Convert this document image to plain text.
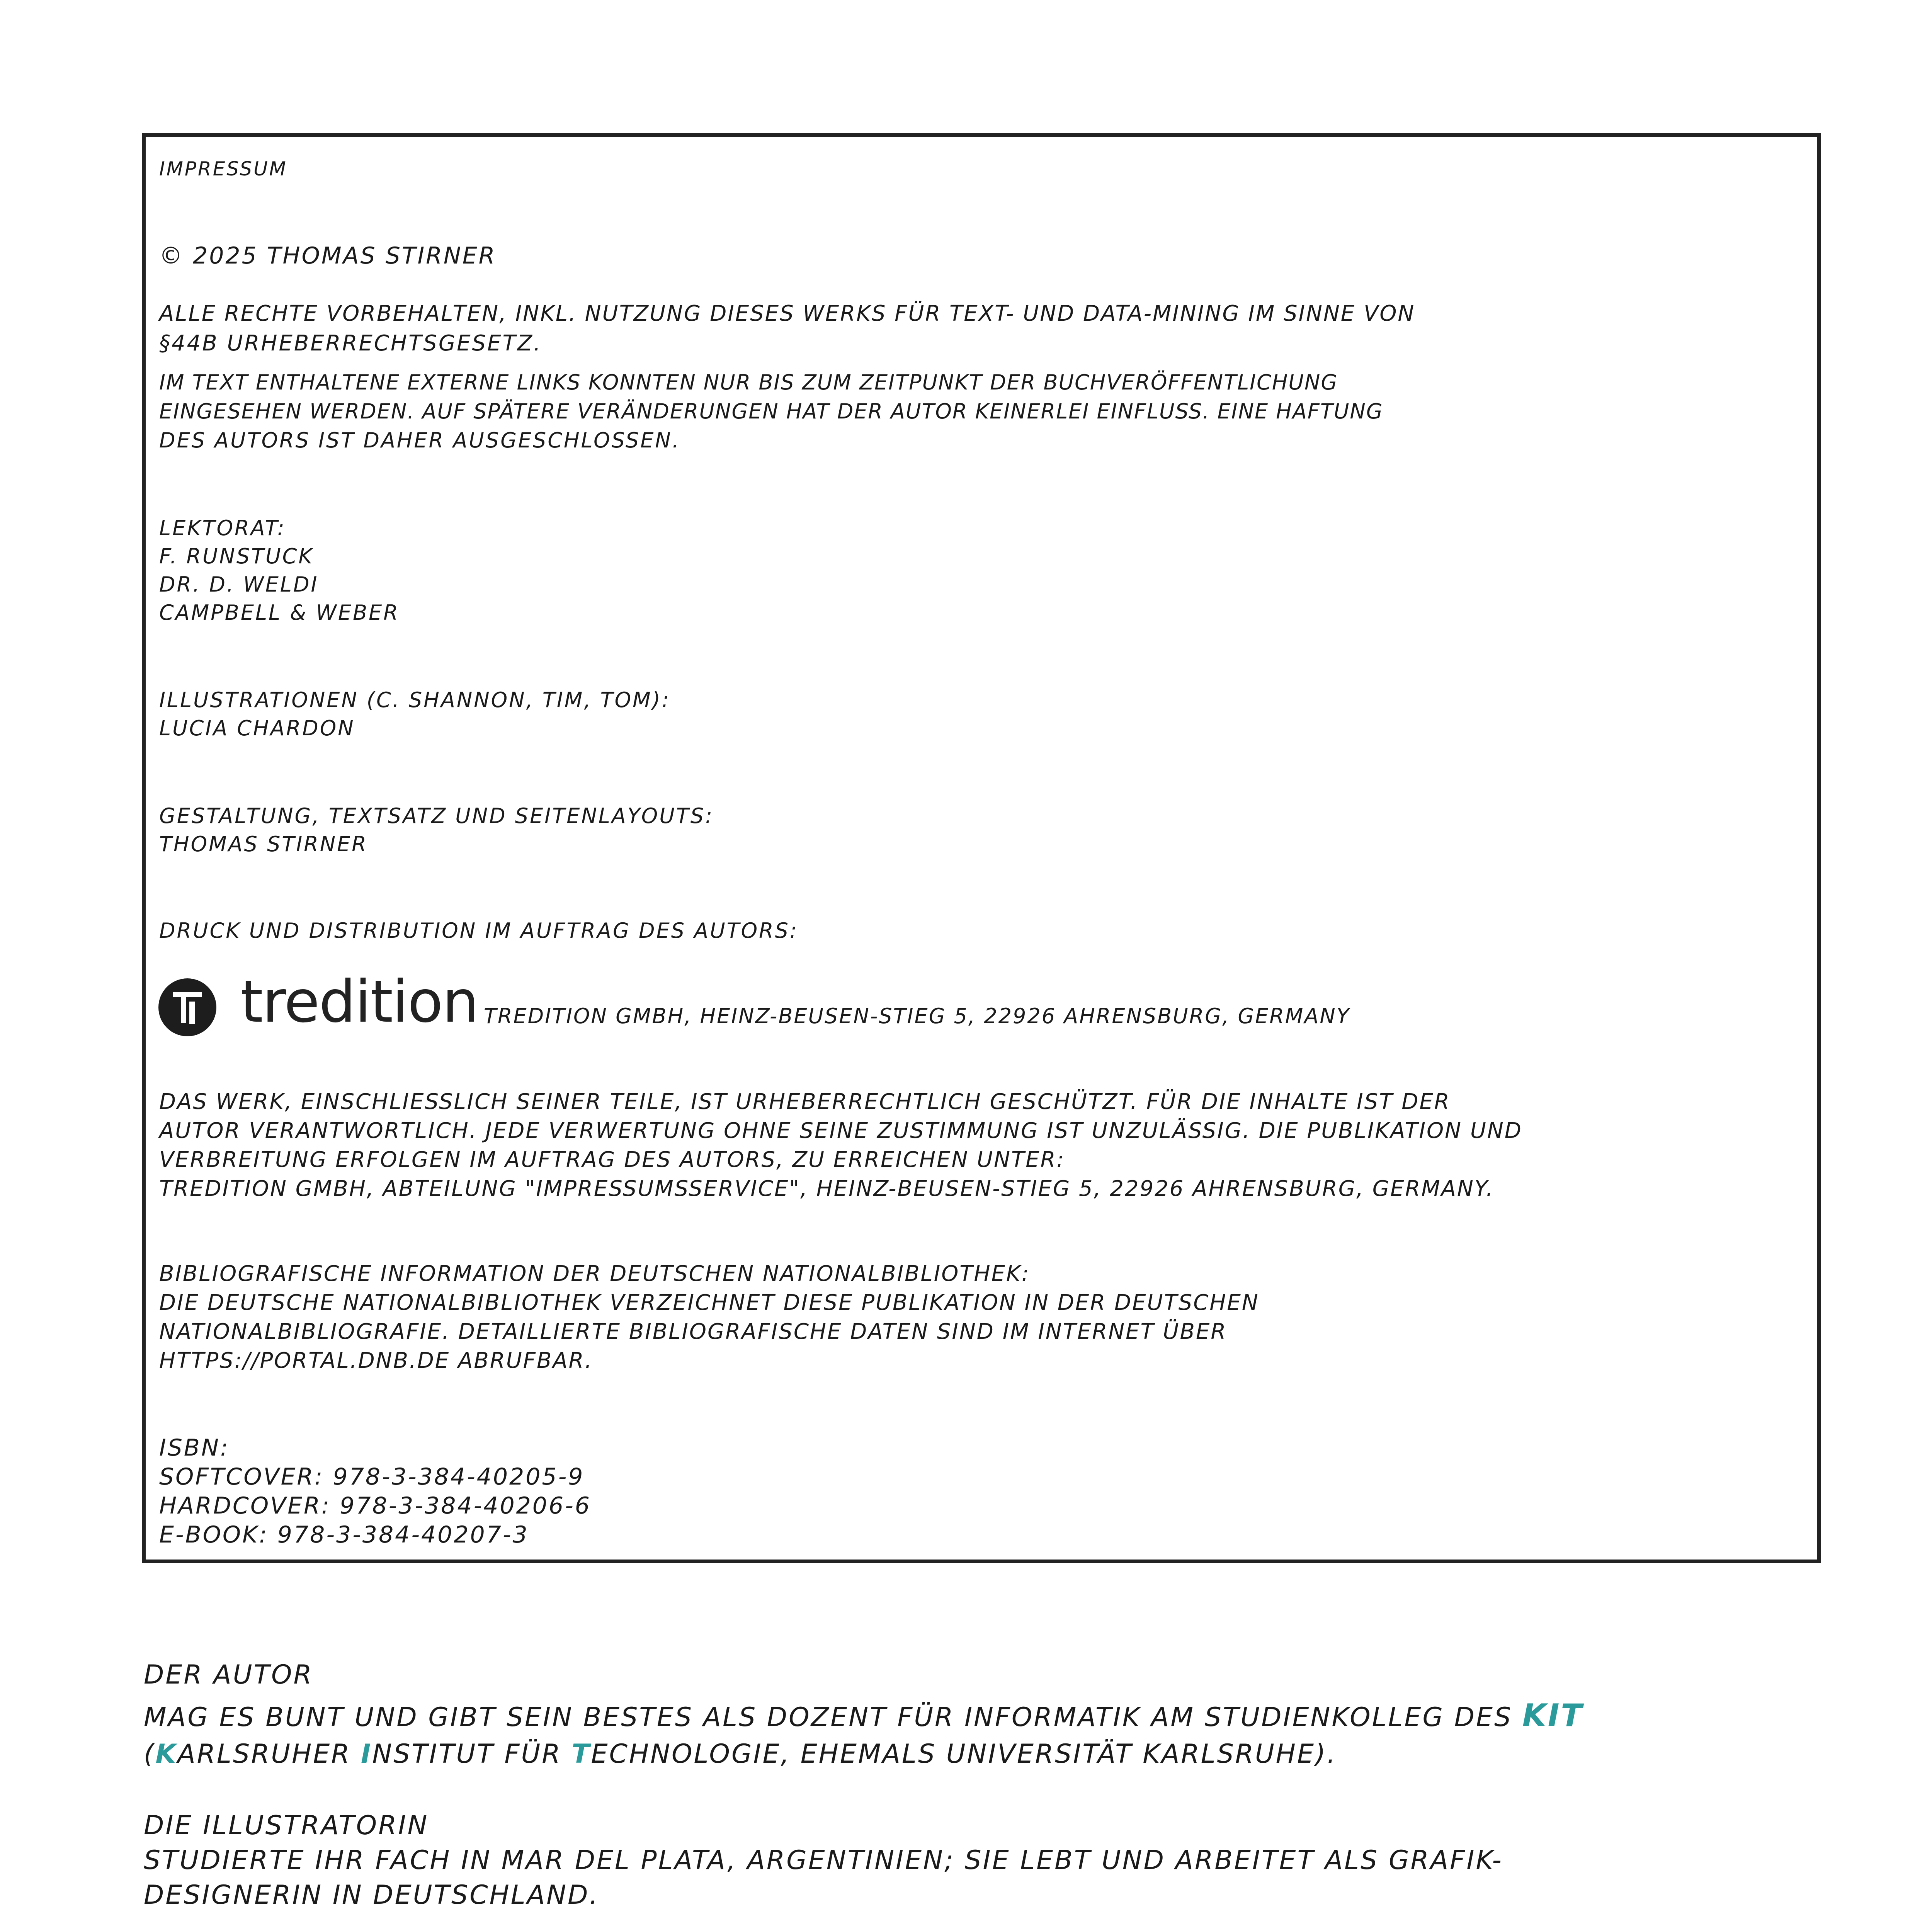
IMPRESSUM
© 2025 THOMAS STIRNER
ALLE RECHTE VORBEHALTEN, INKL. NUTZUNG DIESES WERKS FÜR TEXT- UND DATA-MINING IM SINNE VON
§44B URHEBERRECHTSGESETZ.
IM TEXT ENTHALTENE EXTERNE LINKS KONNTEN NUR BIS ZUM ZEITPUNKT DER BUCHVERÖFFENTLICHUNG
EINGESEHEN WERDEN. AUF SPÄTERE VERÄNDERUNGEN HAT DER AUTOR KEINERLEI EINFLUSS. EINE HAFTUNG
DES AUTORS IST DAHER AUSGESCHLOSSEN.
LEKTORAT:
F. RUNSTUCK
DR. D. WELDI
CAMPBELL & WEBER
ILLUSTRATIONEN (C. SHANNON, TIM, TOM):
LUCIA CHARDON
GESTALTUNG, TEXTSATZ UND SEITENLAYOUTS:
THOMAS STIRNER
DRUCK UND DISTRIBUTION IM AUFTRAG DES AUTORS:
tredition TREDITION GMBH, HEINZ-BEUSEN-STIEG 5, 22926 AHRENSBURG, GERMANY
DAS WERK, EINSCHLIESSLICH SEINER TEILE, IST URHEBERRECHTLICH GESCHÜTZT. FÜR DIE INHALTE IST DER
AUTOR VERANTWORTLICH. JEDE VERWERTUNG OHNE SEINE ZUSTIMMUNG IST UNZULÄSSIG. DIE PUBLIKATION UND
VERBREITUNG ERFOLGEN IM AUFTRAG DES AUTORS, ZU ERREICHEN UNTER:
TREDITION GMBH, ABTEILUNG "IMPRESSUMSSERVICE", HEINZ-BEUSEN-STIEG 5, 22926 AHRENSBURG, GERMANY.
BIBLIOGRAFISCHE INFORMATION DER DEUTSCHEN NATIONALBIBLIOTHEK:
DIE DEUTSCHE NATIONALBIBLIOTHEK VERZEICHNET DIESE PUBLIKATION IN DER DEUTSCHEN
NATIONALBIBLIOGRAFIE. DETAILLIERTE BIBLIOGRAFISCHE DATEN SIND IM INTERNET ÜBER
HTTPS://PORTAL.DNB.DE ABRUFBAR.
ISBN:
SOFTCOVER: 978-3-384-40205-9
HARDCOVER: 978-3-384-40206-6
E-BOOK: 978-3-384-40207-3
DER AUTOR
MAG ES BUNT UND GIBT SEIN BESTES ALS DOZENT FÜR INFORMATIK AM STUDIENKOLLEG DES KIT
(KARLSRUHER INSTITUT FÜR TECHNOLOGIE, EHEMALS UNIVERSITÄT KARLSRUHE).
DIE ILLUSTRATORIN
STUDIERTE IHR FACH IN MAR DEL PLATA, ARGENTINIEN; SIE LEBT UND ARBEITET ALS GRAFIK-
DESIGNERIN IN DEUTSCHLAND.
